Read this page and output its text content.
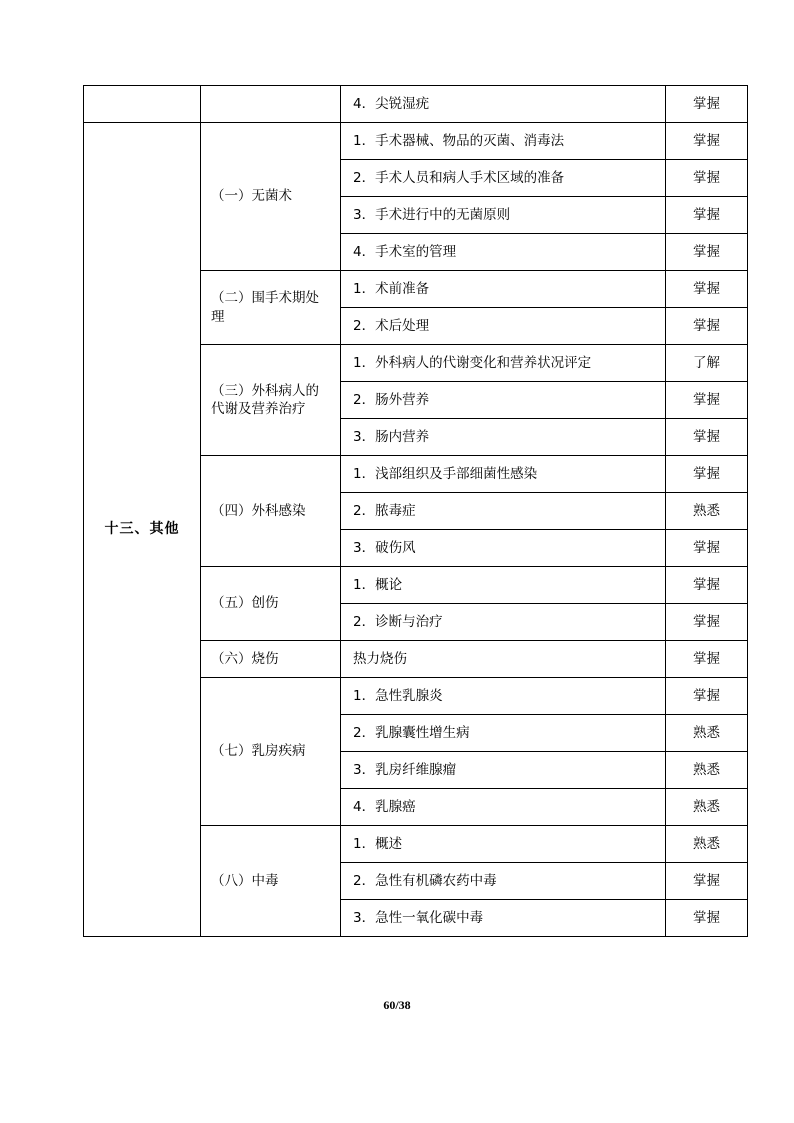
		4．尖锐湿疣	掌握
十三、其他	（一）无菌术	1．手术器械、物品的灭菌、消毒法	掌握
		2．手术人员和病人手术区域的准备	掌握
		3．手术进行中的无菌原则	掌握
		4．手术室的管理	掌握
	（二）围手术期处理	1．术前准备	掌握
		2．术后处理	掌握
	（三）外科病人的代谢及营养治疗	1．外科病人的代谢变化和营养状况评定	了解
		2．肠外营养	掌握
		3．肠内营养	掌握
	（四）外科感染	1．浅部组织及手部细菌性感染	掌握
		2．脓毒症	熟悉
		3．破伤风	掌握
	（五）创伤	1．概论	掌握
		2．诊断与治疗	掌握
	（六）烧伤	热力烧伤	掌握
	（七）乳房疾病	1．急性乳腺炎	掌握
		2．乳腺囊性增生病	熟悉
		3．乳房纤维腺瘤	熟悉
		4．乳腺癌	熟悉
	（八）中毒	1．概述	熟悉
		2．急性有机磷农药中毒	掌握
		3．急性一氧化碳中毒	掌握
60/38
